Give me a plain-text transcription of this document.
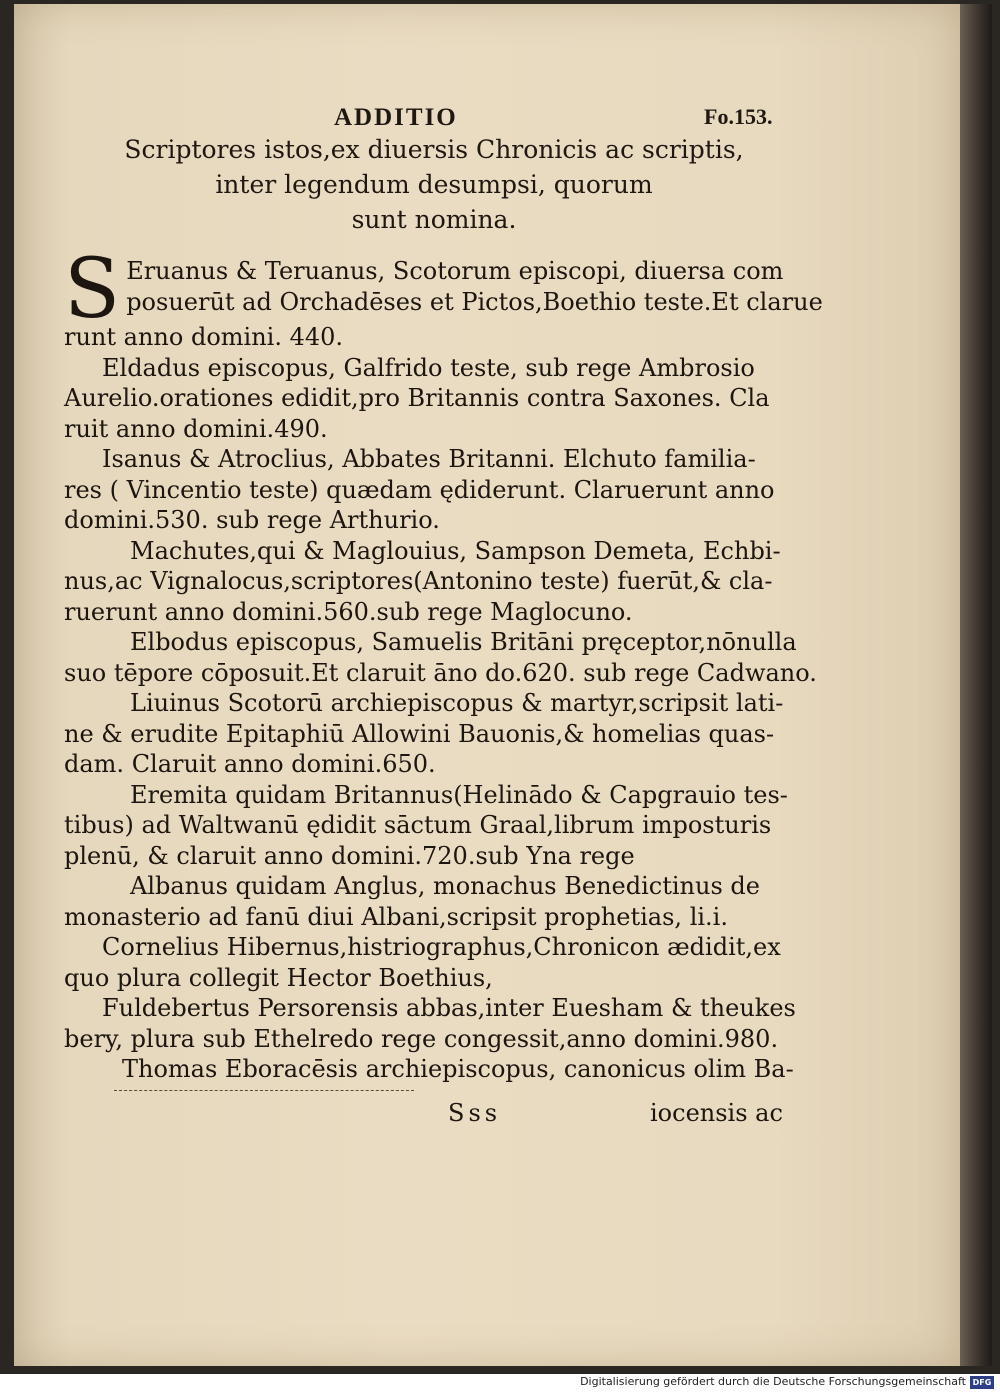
ADDITIO	Fo.153.
Scriptores istos,ex diuersis Chronicis ac scriptis,
inter legendum desumpsi, quorum
sunt nomina.
S Eruanus & Teruanus, Scotorum episcopi, diuersa com
posuerūt ad Orchadēses et Pictos,Boethio teste.Et clarue
runt anno domini. 440.
Eldadus episcopus, Galfrido teste, sub rege Ambrosio
Aurelio.orationes edidit,pro Britannis contra Saxones. Cla
ruit anno domini.490.
Isanus & Atroclius, Abbates Britanni. Elchuto familia-
res ( Vincentio teste) quædam ędiderunt. Claruerunt anno
domini.530. sub rege Arthurio.
Machutes,qui & Maglouius, Sampson Demeta, Echbi-
nus,ac Vignalocus,scriptores(Antonino teste) fuerūt,& cla-
ruerunt anno domini.560.sub rege Maglocuno.
Elbodus episcopus, Samuelis Britāni pręceptor,nōnulla
suo tēpore cōposuit.Et claruit āno do.620. sub rege Cadwano.
Liuinus Scotorū archiepiscopus & martyr,scripsit lati-
ne & erudite Epitaphiū Allowini Bauonis,& homelias quas-
dam. Claruit anno domini.650.
Eremita quidam Britannus(Helinādo & Capgrauio tes-
tibus) ad Waltwanū ędidit sāctum Graal,librum imposturis
plenū, & claruit anno domini.720.sub Yna rege
Albanus quidam Anglus, monachus Benedictinus de
monasterio ad fanū diui Albani,scripsit prophetias, li.i.
Cornelius Hibernus,histriographus,Chronicon ædidit,ex
quo plura collegit Hector Boethius,
Fuldebertus Persorensis abbas,inter Euesham & theukes
bery, plura sub Ethelredo rege congessit,anno domini.980.
Thomas Eboracēsis archiepiscopus, canonicus olim Ba-
Sss	iocensis ac
Digitalisierung gefördert durch die Deutsche Forschungsgemeinschaft DFG
